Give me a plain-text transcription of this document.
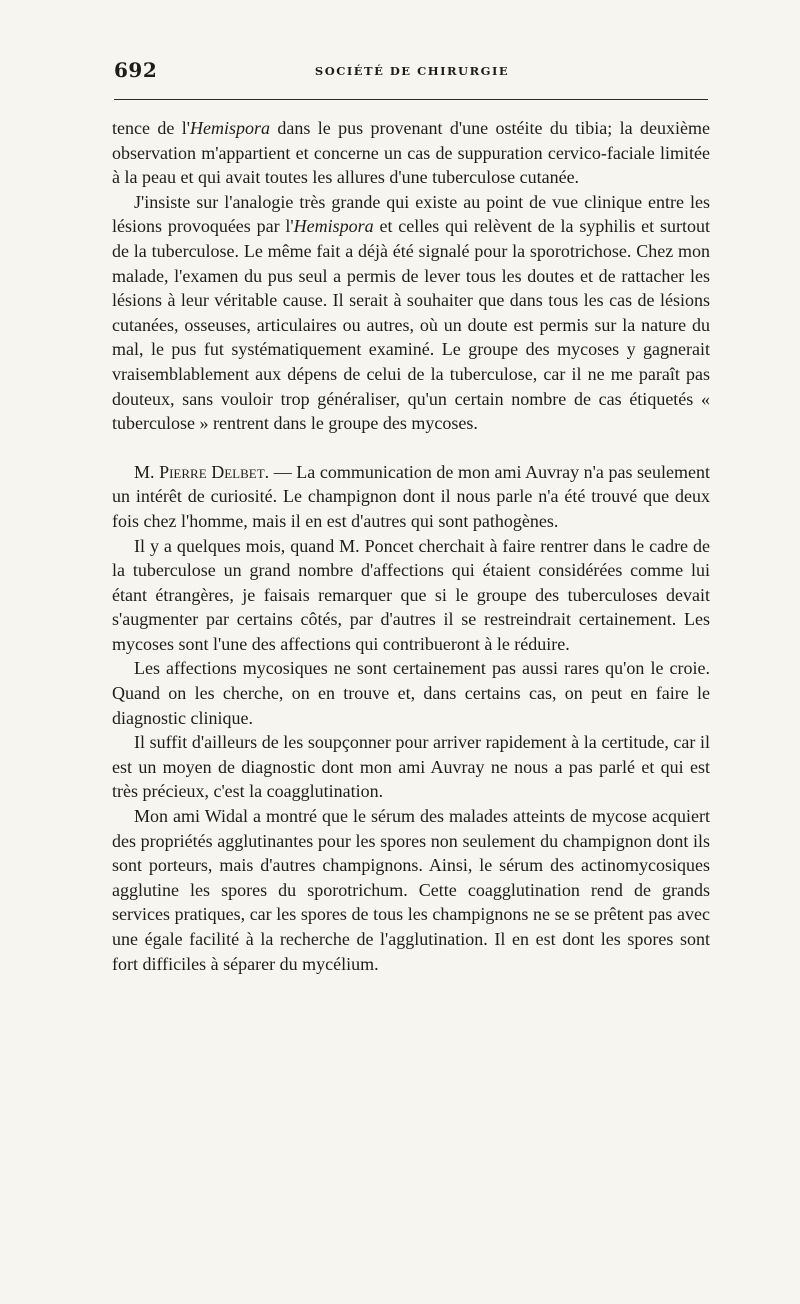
692	SOCIÉTÉ DE CHIRURGIE

tence de l'Hemispora dans le pus provenant d'une ostéite du tibia; la deuxième observation m'appartient et concerne un cas de suppuration cervico-faciale limitée à la peau et qui avait toutes les allures d'une tuberculose cutanée.

J'insiste sur l'analogie très grande qui existe au point de vue clinique entre les lésions provoquées par l'Hemispora et celles qui relèvent de la syphilis et surtout de la tuberculose. Le même fait a déjà été signalé pour la sporotrichose. Chez mon malade, l'examen du pus seul a permis de lever tous les doutes et de rattacher les lésions à leur véritable cause. Il serait à souhaiter que dans tous les cas de lésions cutanées, osseuses, articulaires ou autres, où un doute est permis sur la nature du mal, le pus fut systématiquement examiné. Le groupe des mycoses y gagnerait vraisemblablement aux dépens de celui de la tuberculose, car il ne me paraît pas douteux, sans vouloir trop généraliser, qu'un certain nombre de cas étiquetés « tuberculose » rentrent dans le groupe des mycoses.

M. Pierre Delbet. — La communication de mon ami Auvray n'a pas seulement un intérêt de curiosité. Le champignon dont il nous parle n'a été trouvé que deux fois chez l'homme, mais il en est d'autres qui sont pathogènes.

Il y a quelques mois, quand M. Poncet cherchait à faire rentrer dans le cadre de la tuberculose un grand nombre d'affections qui étaient considérées comme lui étant étrangères, je faisais remarquer que si le groupe des tuberculoses devait s'augmenter par certains côtés, par d'autres il se restreindrait certainement. Les mycoses sont l'une des affections qui contribueront à le réduire.

Les affections mycosiques ne sont certainement pas aussi rares qu'on le croie. Quand on les cherche, on en trouve et, dans certains cas, on peut en faire le diagnostic clinique.

Il suffit d'ailleurs de les soupçonner pour arriver rapidement à la certitude, car il est un moyen de diagnostic dont mon ami Auvray ne nous a pas parlé et qui est très précieux, c'est la coagglutination.

Mon ami Widal a montré que le sérum des malades atteints de mycose acquiert des propriétés agglutinantes pour les spores non seulement du champignon dont ils sont porteurs, mais d'autres champignons. Ainsi, le sérum des actinomycosiques agglutine les spores du sporotrichum. Cette coagglutination rend de grands services pratiques, car les spores de tous les champignons ne se se prêtent pas avec une égale facilité à la recherche de l'agglutination. Il en est dont les spores sont fort difficiles à séparer du mycélium.
